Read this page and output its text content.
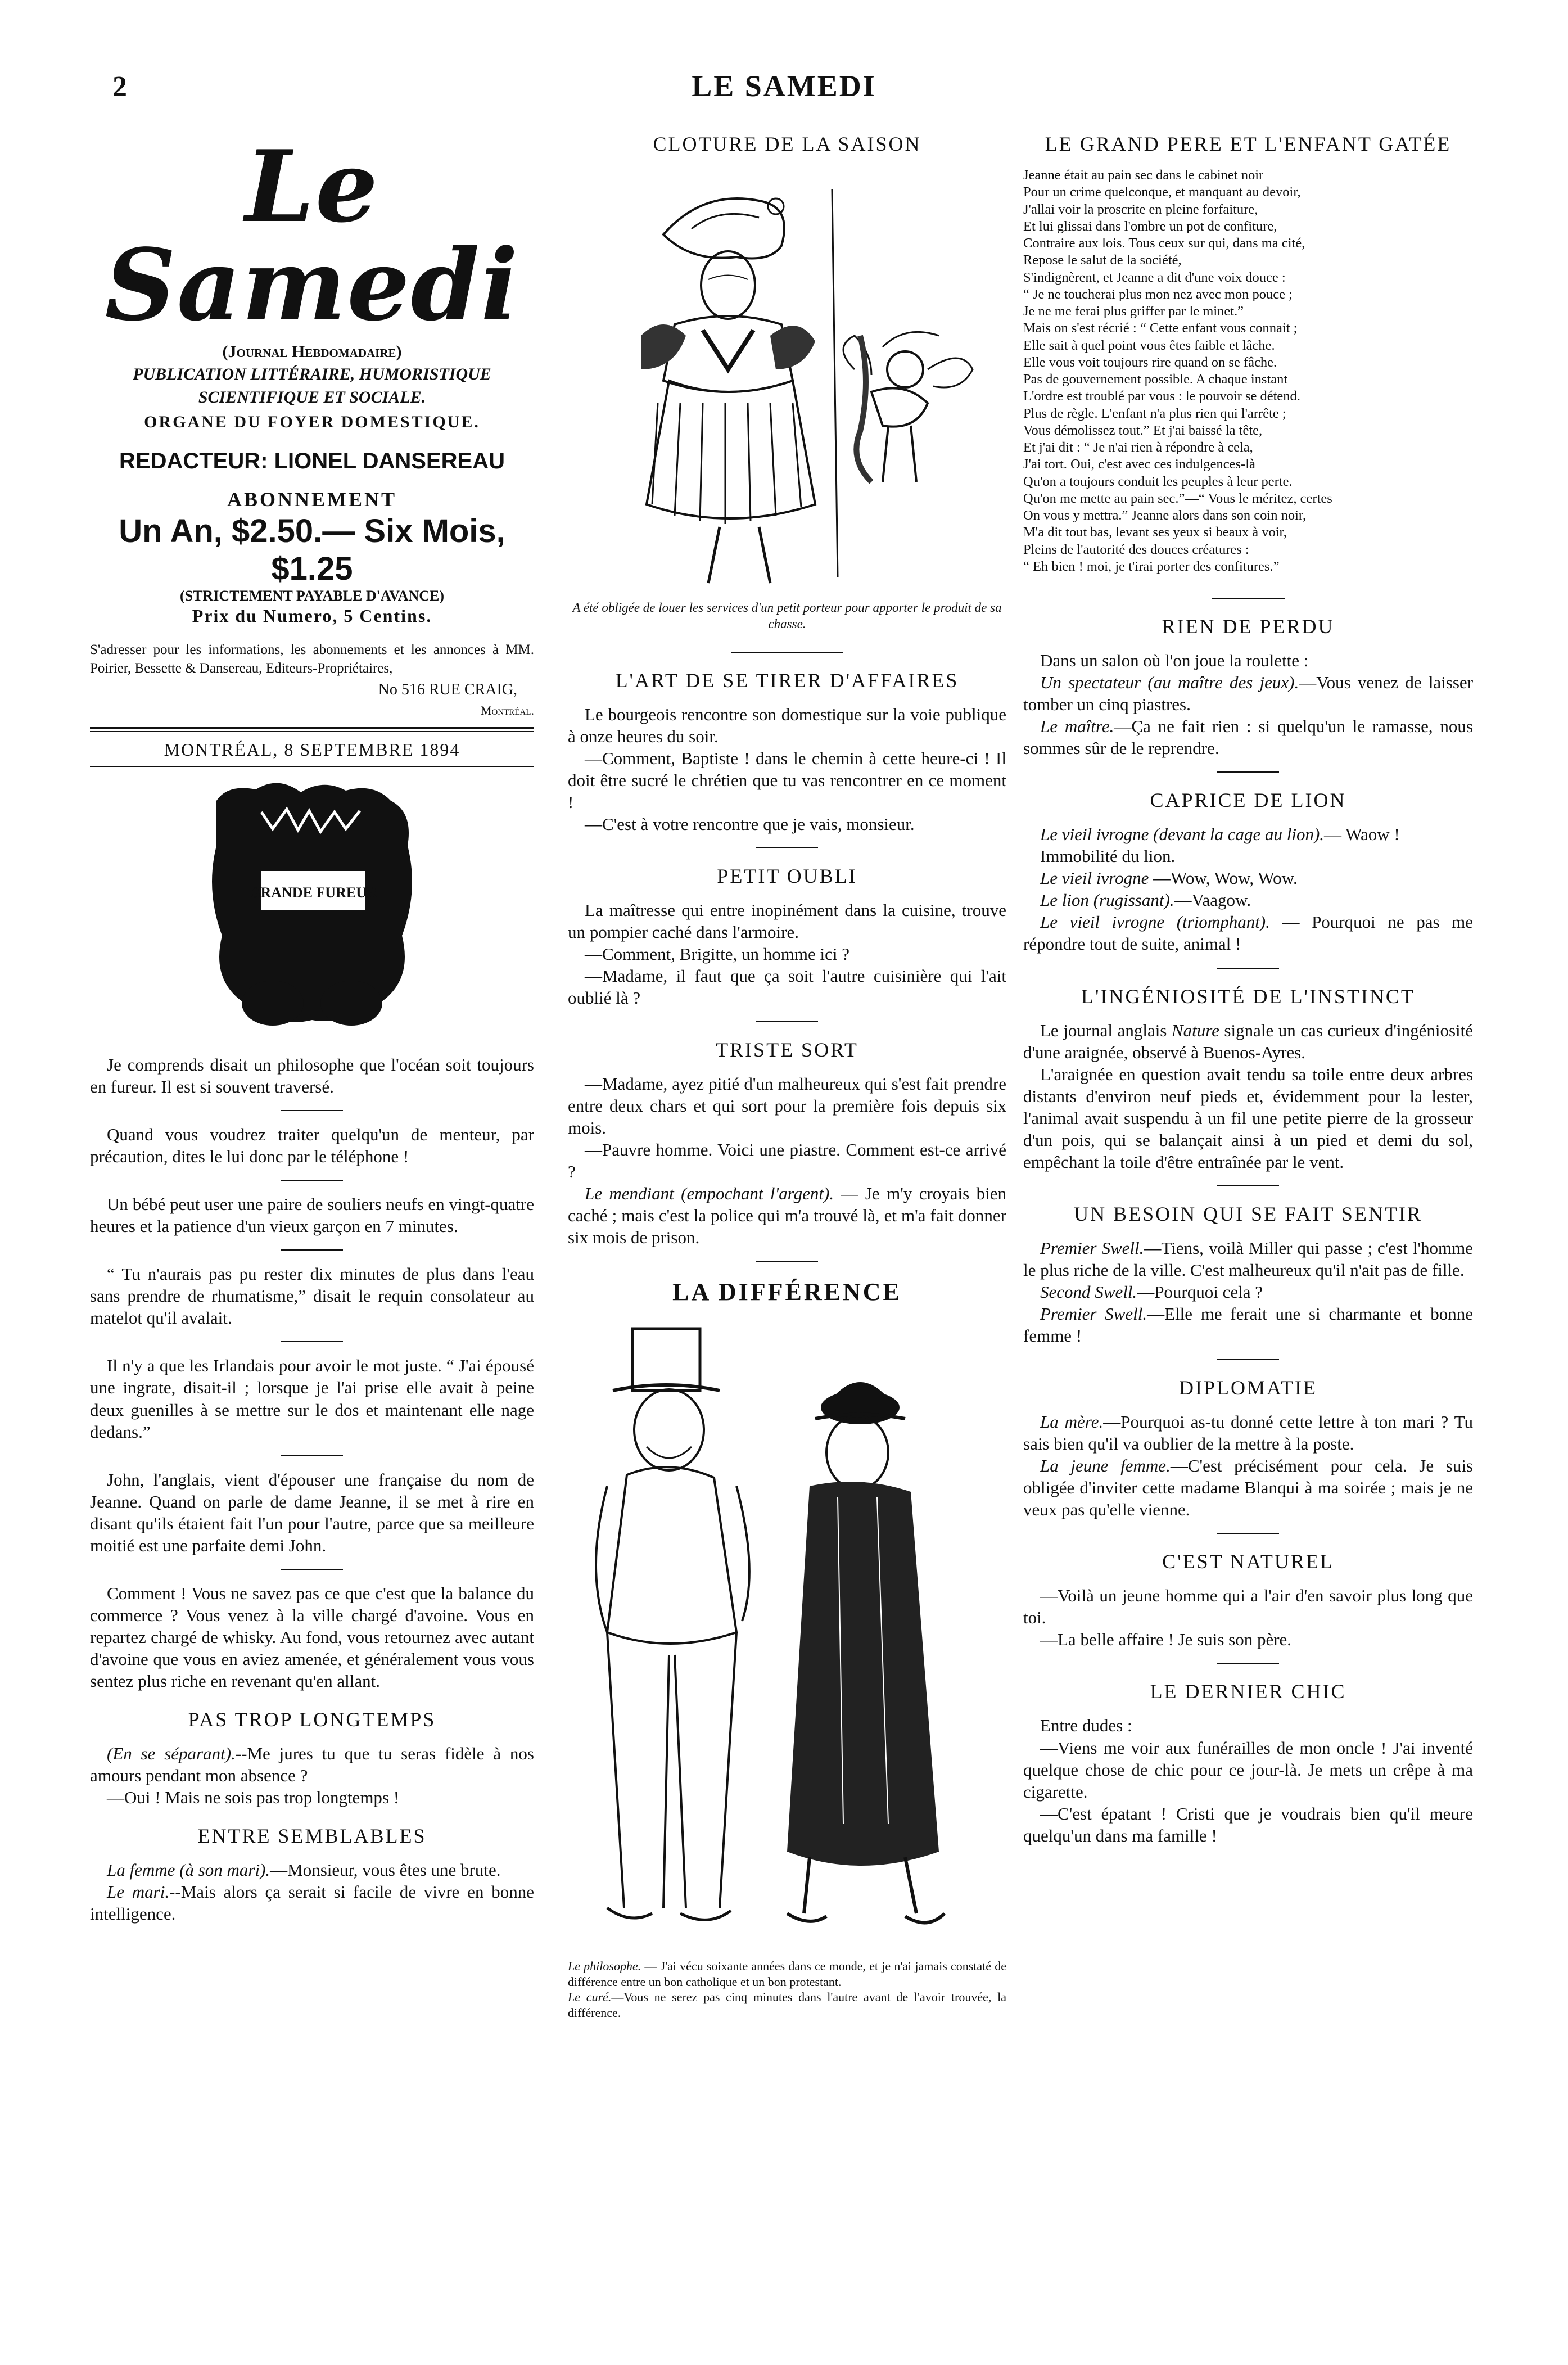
2	LE SAMEDI
Le Samedi
(Journal Hebdomadaire)
PUBLICATION LITTÉRAIRE, HUMORISTIQUE
SCIENTIFIQUE ET SOCIALE.
ORGANE DU FOYER DOMESTIQUE.
REDACTEUR: LIONEL DANSEREAU
ABONNEMENT
Un An, $2.50.— Six Mois, $1.25
(STRICTEMENT PAYABLE D'AVANCE)
Prix du Numero, 5 Centins.
S'adresser pour les informations, les abonnements et les annonces à MM. Poirier, Bessette & Dansereau, Editeurs-Propriétaires,
No 516 RUE CRAIG,
Montréal.
MONTRÉAL, 8 SEPTEMBRE 1894
GRANDE FUREUR

Je comprends disait un philosophe que l'océan soit toujours en fureur. Il est si souvent traversé.

Quand vous voudrez traiter quelqu'un de menteur, par précaution, dites le lui donc par le téléphone !

Un bébé peut user une paire de souliers neufs en vingt-quatre heures et la patience d'un vieux garçon en 7 minutes.

“ Tu n'aurais pas pu rester dix minutes de plus dans l'eau sans prendre de rhumatisme,” disait le requin consolateur au matelot qu'il avalait.

Il n'y a que les Irlandais pour avoir le mot juste. “ J'ai épousé une ingrate, disait-il ; lorsque je l'ai prise elle avait à peine deux guenilles à se mettre sur le dos et maintenant elle nage dedans.”

John, l'anglais, vient d'épouser une française du nom de Jeanne. Quand on parle de dame Jeanne, il se met à rire en disant qu'ils étaient fait l'un pour l'autre, parce que sa meilleure moitié est une parfaite demi John.

Comment ! Vous ne savez pas ce que c'est que la balance du commerce ? Vous venez à la ville chargé d'avoine. Vous en repartez chargé de whisky. Au fond, vous retournez avec autant d'avoine que vous en aviez amenée, et généralement vous vous sentez plus riche en revenant qu'en allant.

PAS TROP LONGTEMPS
(En se séparant).--Me jures tu que tu seras fidèle à nos amours pendant mon absence ?
—Oui ! Mais ne sois pas trop longtemps !
ENTRE SEMBLABLES
La femme (à son mari).—Monsieur, vous êtes une brute.
Le mari.--Mais alors ça serait si facile de vivre en bonne intelligence.
CLOTURE DE LA SAISON

A été obligée de louer les services d'un petit porteur pour apporter le produit de sa chasse.

L'ART DE SE TIRER D'AFFAIRES
Le bourgeois rencontre son domestique sur la voie publique à onze heures du soir.
—Comment, Baptiste ! dans le chemin à cette heure-ci ! Il doit être sucré le chrétien que tu vas rencontrer en ce moment !
—C'est à votre rencontre que je vais, monsieur.
PETIT OUBLI
La maîtresse qui entre inopinément dans la cuisine, trouve un pompier caché dans l'armoire.
—Comment, Brigitte, un homme ici ?
—Madame, il faut que ça soit l'autre cuisinière qui l'ait oublié là ?
TRISTE SORT
—Madame, ayez pitié d'un malheureux qui s'est fait prendre entre deux chars et qui sort pour la première fois depuis six mois.
—Pauvre homme. Voici une piastre. Comment est-ce arrivé ?
Le mendiant (empochant l'argent). — Je m'y croyais bien caché ; mais c'est la police qui m'a trouvé là, et m'a fait donner six mois de prison.
LA DIFFÉRENCE

Le philosophe. — J'ai vécu soixante années dans ce monde, et je n'ai jamais constaté de différence entre un bon catholique et un bon protestant.
Le curé.—Vous ne serez pas cinq minutes dans l'autre avant de l'avoir trouvée, la différence.

LE GRAND PERE ET L'ENFANT GATÉE
Jeanne était au pain sec dans le cabinet noir
Pour un crime quelconque, et manquant au devoir,
J'allai voir la proscrite en pleine forfaiture,
Et lui glissai dans l'ombre un pot de confiture,
Contraire aux lois. Tous ceux sur qui, dans ma cité,
Repose le salut de la société,
S'indignèrent, et Jeanne a dit d'une voix douce :
“ Je ne toucherai plus mon nez avec mon pouce ;
Je ne me ferai plus griffer par le minet.”
Mais on s'est récrié : “ Cette enfant vous connait ;
Elle sait à quel point vous êtes faible et lâche.
Elle vous voit toujours rire quand on se fâche.
Pas de gouvernement possible. A chaque instant
L'ordre est troublé par vous : le pouvoir se détend.
Plus de règle. L'enfant n'a plus rien qui l'arrête ;
Vous démolissez tout.” Et j'ai baissé la tête,
Et j'ai dit : “ Je n'ai rien à répondre à cela,
J'ai tort. Oui, c'est avec ces indulgences-là
Qu'on a toujours conduit les peuples à leur perte.
Qu'on me mette au pain sec.”—“ Vous le méritez, certes
On vous y mettra.” Jeanne alors dans son coin noir,
M'a dit tout bas, levant ses yeux si beaux à voir,
Pleins de l'autorité des douces créatures :
“ Eh bien ! moi, je t'irai porter des confitures.”
RIEN DE PERDU
Dans un salon où l'on joue la roulette :
Un spectateur (au maître des jeux).—Vous venez de laisser tomber un cinq piastres.
Le maître.—Ça ne fait rien : si quelqu'un le ramasse, nous sommes sûr de le reprendre.
CAPRICE DE LION
Le vieil ivrogne (devant la cage au lion).— Waow !
Immobilité du lion.
Le vieil ivrogne —Wow, Wow, Wow.
Le lion (rugissant).—Vaagow.
Le vieil ivrogne (triomphant). — Pourquoi ne pas me répondre tout de suite, animal !
L'INGÉNIOSITÉ DE L'INSTINCT
Le journal anglais Nature signale un cas curieux d'ingéniosité d'une araignée, observé à Buenos-Ayres.
L'araignée en question avait tendu sa toile entre deux arbres distants d'environ neuf pieds et, évidemment pour la lester, l'animal avait suspendu à un fil une petite pierre de la grosseur d'un pois, qui se balançait ainsi à un pied et demi du sol, empêchant la toile d'être entraînée par le vent.
UN BESOIN QUI SE FAIT SENTIR
Premier Swell.—Tiens, voilà Miller qui passe ; c'est l'homme le plus riche de la ville. C'est malheureux qu'il n'ait pas de fille.
Second Swell.—Pourquoi cela ?
Premier Swell.—Elle me ferait une si charmante et bonne femme !
DIPLOMATIE
La mère.—Pourquoi as-tu donné cette lettre à ton mari ? Tu sais bien qu'il va oublier de la mettre à la poste.
La jeune femme.—C'est précisément pour cela. Je suis obligée d'inviter cette madame Blanqui à ma soirée ; mais je ne veux pas qu'elle vienne.
C'EST NATUREL
—Voilà un jeune homme qui a l'air d'en savoir plus long que toi.
—La belle affaire ! Je suis son père.
LE DERNIER CHIC
Entre dudes :
—Viens me voir aux funérailles de mon oncle ! J'ai inventé quelque chose de chic pour ce jour-là. Je mets un crêpe à ma cigarette.
—C'est épatant ! Cristi que je voudrais bien qu'il meure quelqu'un dans ma famille !
